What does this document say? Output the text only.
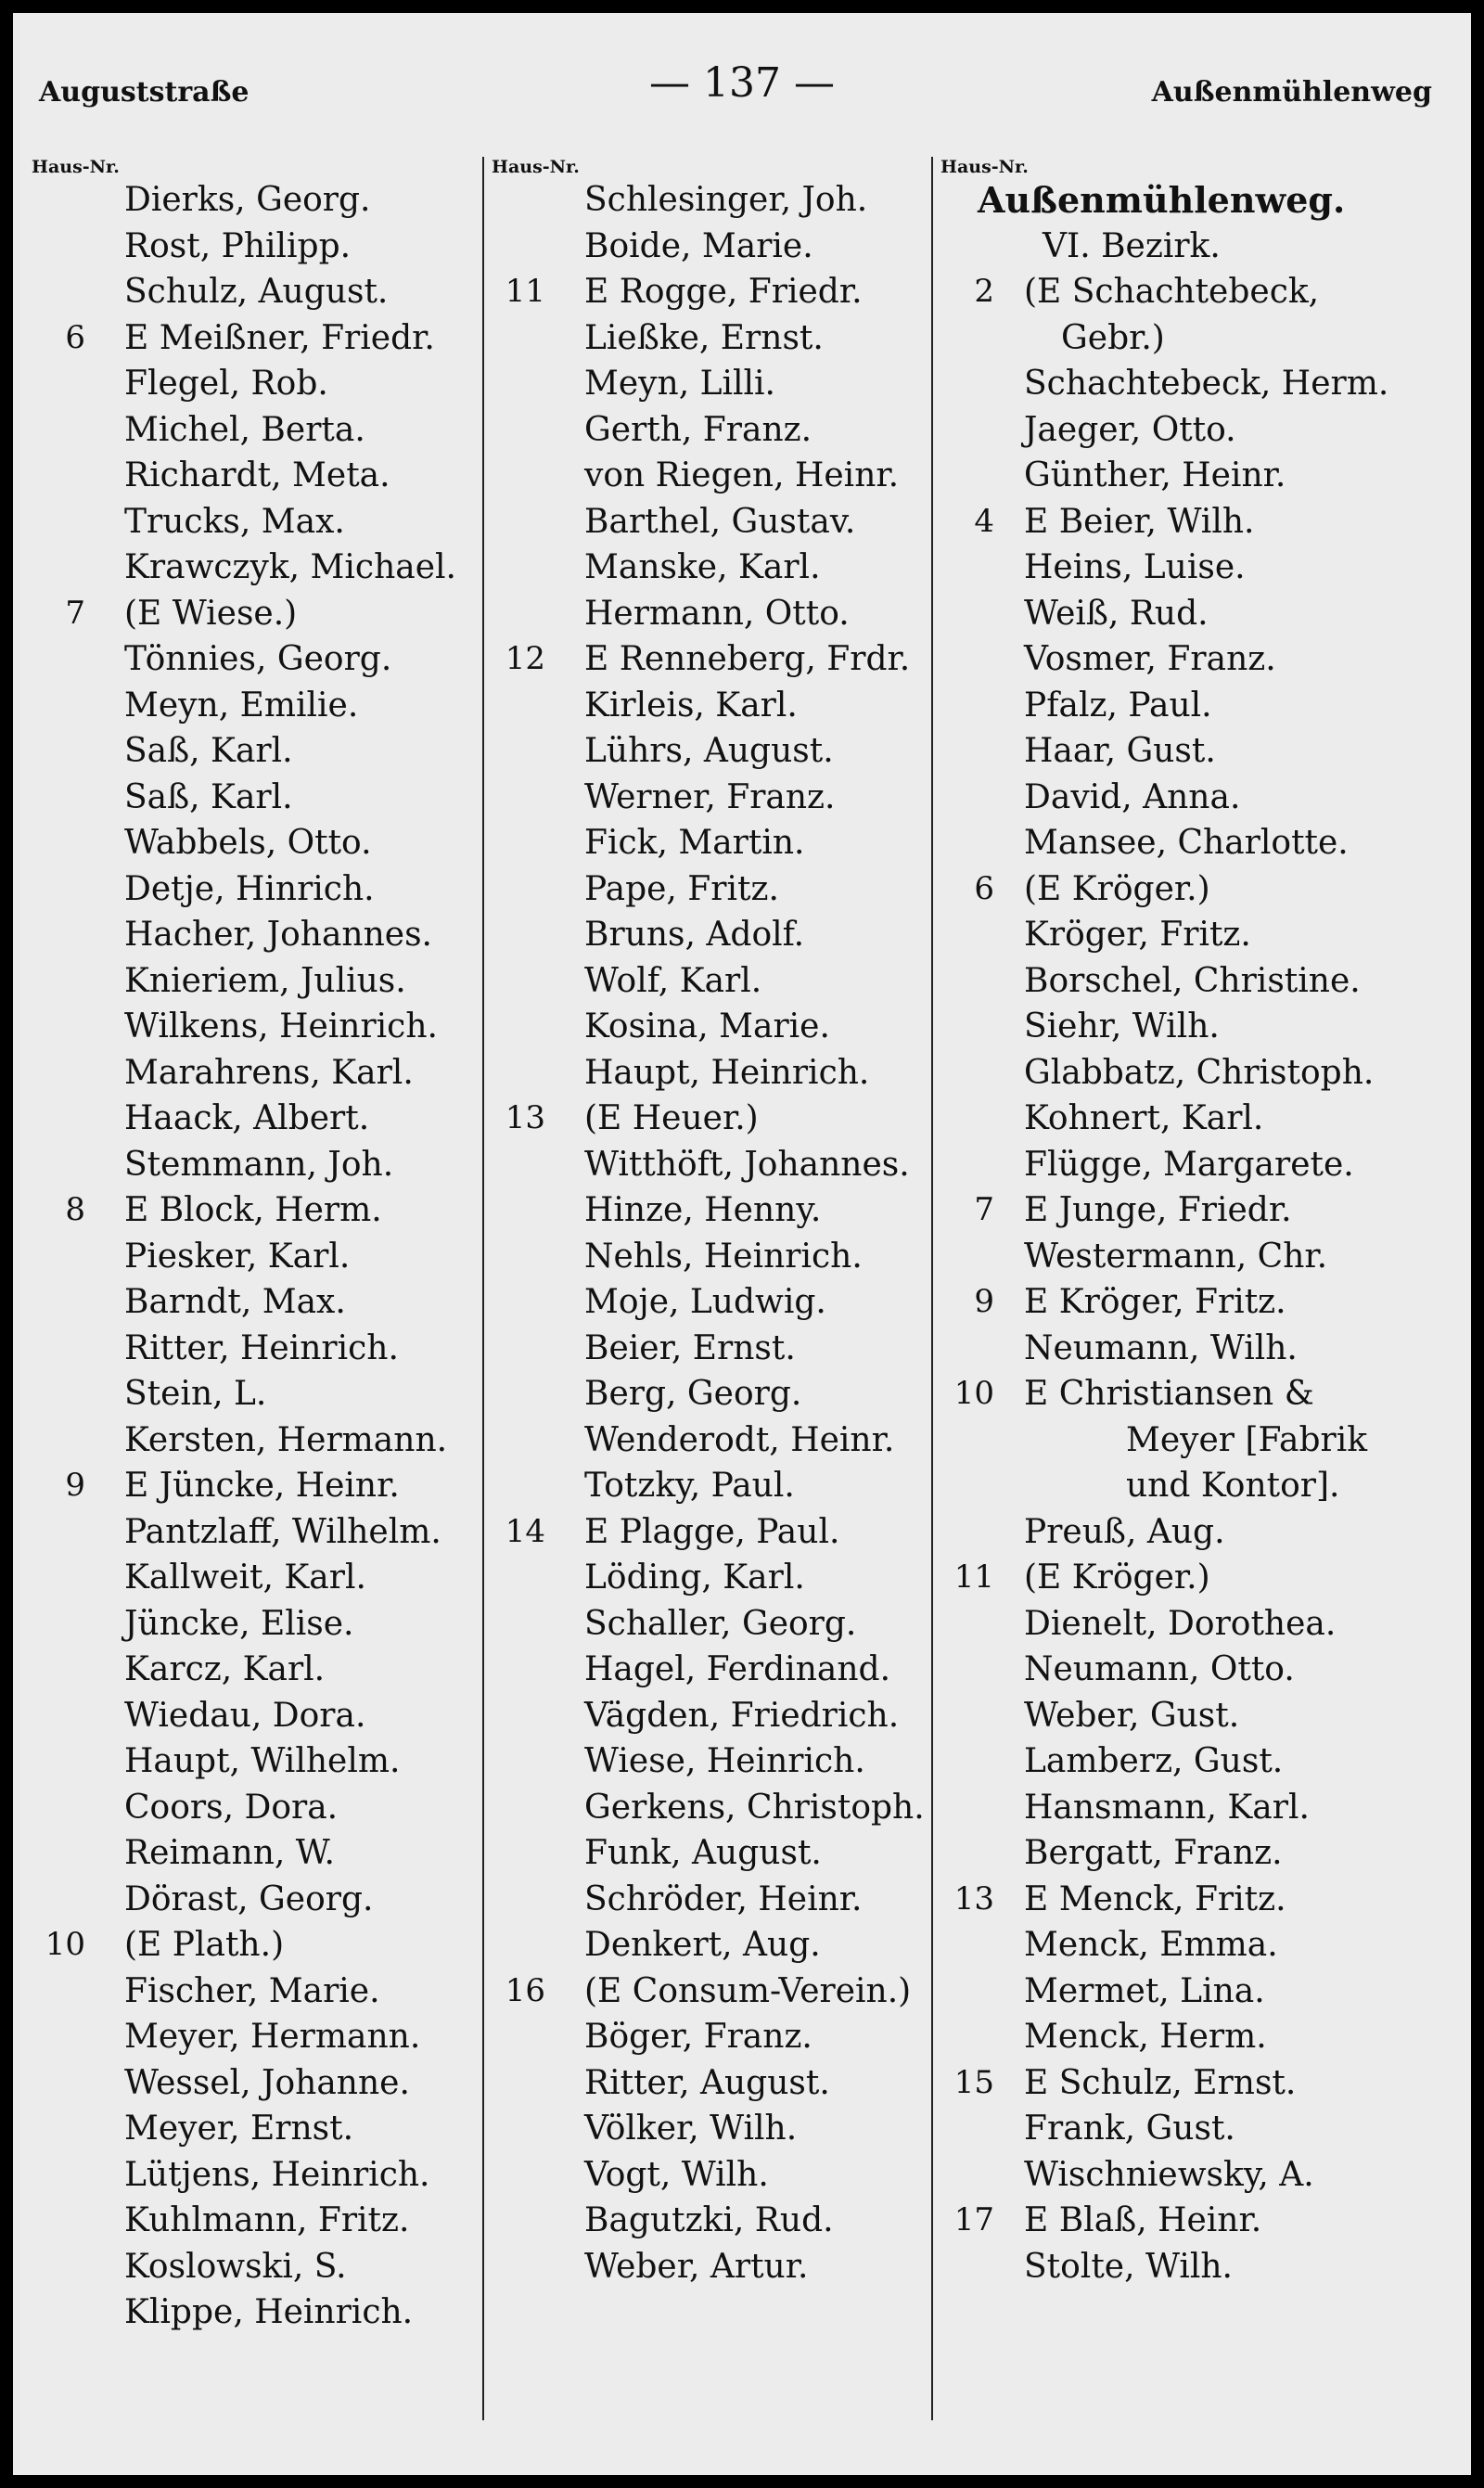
Auguststraße	— 137 —	Außenmühlenweg
Haus-Nr.
Dierks, Georg.
Rost, Philipp.
Schulz, August.
6 E Meißner, Friedr.
Flegel, Rob.
Michel, Berta.
Richardt, Meta.
Trucks, Max.
Krawczyk, Michael.
7 (E Wiese.)
Tönnies, Georg.
Meyn, Emilie.
Saß, Karl.
Saß, Karl.
Wabbels, Otto.
Detje, Hinrich.
Hacher, Johannes.
Knieriem, Julius.
Wilkens, Heinrich.
Marahrens, Karl.
Haack, Albert.
Stemmann, Joh.
8 E Block, Herm.
Piesker, Karl.
Barndt, Max.
Ritter, Heinrich.
Stein, L.
Kersten, Hermann.
9 E Jüncke, Heinr.
Pantzlaff, Wilhelm.
Kallweit, Karl.
Jüncke, Elise.
Karcz, Karl.
Wiedau, Dora.
Haupt, Wilhelm.
Coors, Dora.
Reimann, W.
Dörast, Georg.
10 (E Plath.)
Fischer, Marie.
Meyer, Hermann.
Wessel, Johanne.
Meyer, Ernst.
Lütjens, Heinrich.
Kuhlmann, Fritz.
Koslowski, S.
Klippe, Heinrich.
Haus-Nr.
Schlesinger, Joh.
Boide, Marie.
11 E Rogge, Friedr.
Ließke, Ernst.
Meyn, Lilli.
Gerth, Franz.
von Riegen, Heinr.
Barthel, Gustav.
Manske, Karl.
Hermann, Otto.
12 E Renneberg, Frdr.
Kirleis, Karl.
Lührs, August.
Werner, Franz.
Fick, Martin.
Pape, Fritz.
Bruns, Adolf.
Wolf, Karl.
Kosina, Marie.
Haupt, Heinrich.
13 (E Heuer.)
Witthöft, Johannes.
Hinze, Henny.
Nehls, Heinrich.
Moje, Ludwig.
Beier, Ernst.
Berg, Georg.
Wenderodt, Heinr.
Totzky, Paul.
14 E Plagge, Paul.
Löding, Karl.
Schaller, Georg.
Hagel, Ferdinand.
Vägden, Friedrich.
Wiese, Heinrich.
Gerkens, Christoph.
Funk, August.
Schröder, Heinr.
Denkert, Aug.
16 (E Consum-Verein.)
Böger, Franz.
Ritter, August.
Völker, Wilh.
Vogt, Wilh.
Bagutzki, Rud.
Weber, Artur.
Haus-Nr.
Außenmühlenweg.
VI. Bezirk.
2 (E Schachtebeck,
Gebr.)
Schachtebeck, Herm.
Jaeger, Otto.
Günther, Heinr.
4 E Beier, Wilh.
Heins, Luise.
Weiß, Rud.
Vosmer, Franz.
Pfalz, Paul.
Haar, Gust.
David, Anna.
Mansee, Charlotte.
6 (E Kröger.)
Kröger, Fritz.
Borschel, Christine.
Siehr, Wilh.
Glabbatz, Christoph.
Kohnert, Karl.
Flügge, Margarete.
7 E Junge, Friedr.
Westermann, Chr.
9 E Kröger, Fritz.
Neumann, Wilh.
10 E Christiansen &
Meyer [Fabrik
und Kontor].
Preuß, Aug.
11 (E Kröger.)
Dienelt, Dorothea.
Neumann, Otto.
Weber, Gust.
Lamberz, Gust.
Hansmann, Karl.
Bergatt, Franz.
13 E Menck, Fritz.
Menck, Emma.
Mermet, Lina.
Menck, Herm.
15 E Schulz, Ernst.
Frank, Gust.
Wischniewsky, A.
17 E Blaß, Heinr.
Stolte, Wilh.
